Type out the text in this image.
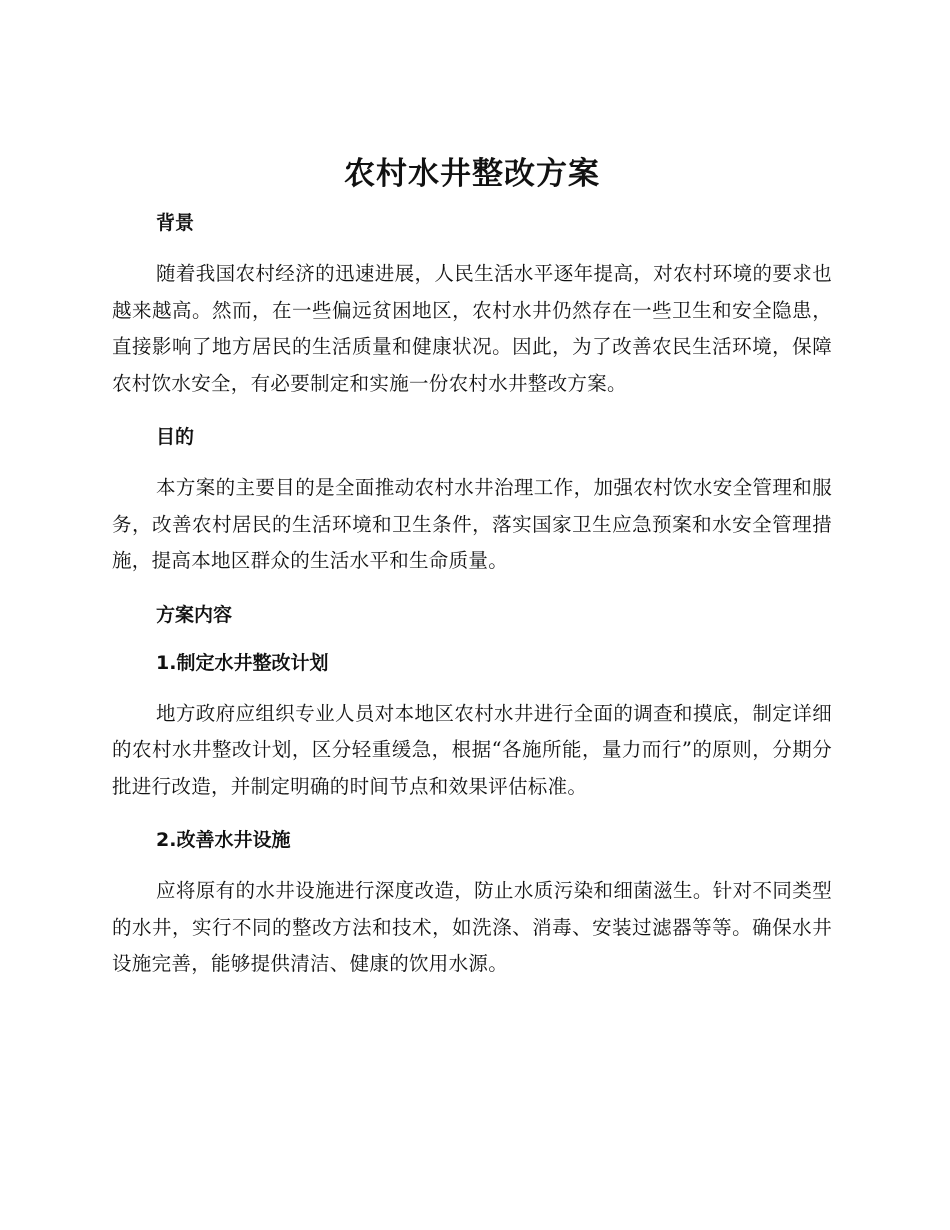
农村水井整改方案
背景

随着我国农村经济的迅速进展，人民生活水平逐年提高，对农村环境的要求也越来越高。然而，在一些偏远贫困地区，农村水井仍然存在一些卫生和安全隐患，直接影响了地方居民的生活质量和健康状况。因此，为了改善农民生活环境，保障农村饮水安全，有必要制定和实施一份农村水井整改方案。

目的

本方案的主要目的是全面推动农村水井治理工作，加强农村饮水安全管理和服务，改善农村居民的生活环境和卫生条件，落实国家卫生应急预案和水安全管理措施，提高本地区群众的生活水平和生命质量。

方案内容
1.制定水井整改计划

地方政府应组织专业人员对本地区农村水井进行全面的调查和摸底，制定详细的农村水井整改计划，区分轻重缓急，根据“各施所能，量力而行”的原则，分期分批进行改造，并制定明确的时间节点和效果评估标准。

2.改善水井设施

应将原有的水井设施进行深度改造，防止水质污染和细菌滋生。针对不同类型的水井，实行不同的整改方法和技术，如洗涤、消毒、安装过滤器等等。确保水井设施完善，能够提供清洁、健康的饮用水源。
